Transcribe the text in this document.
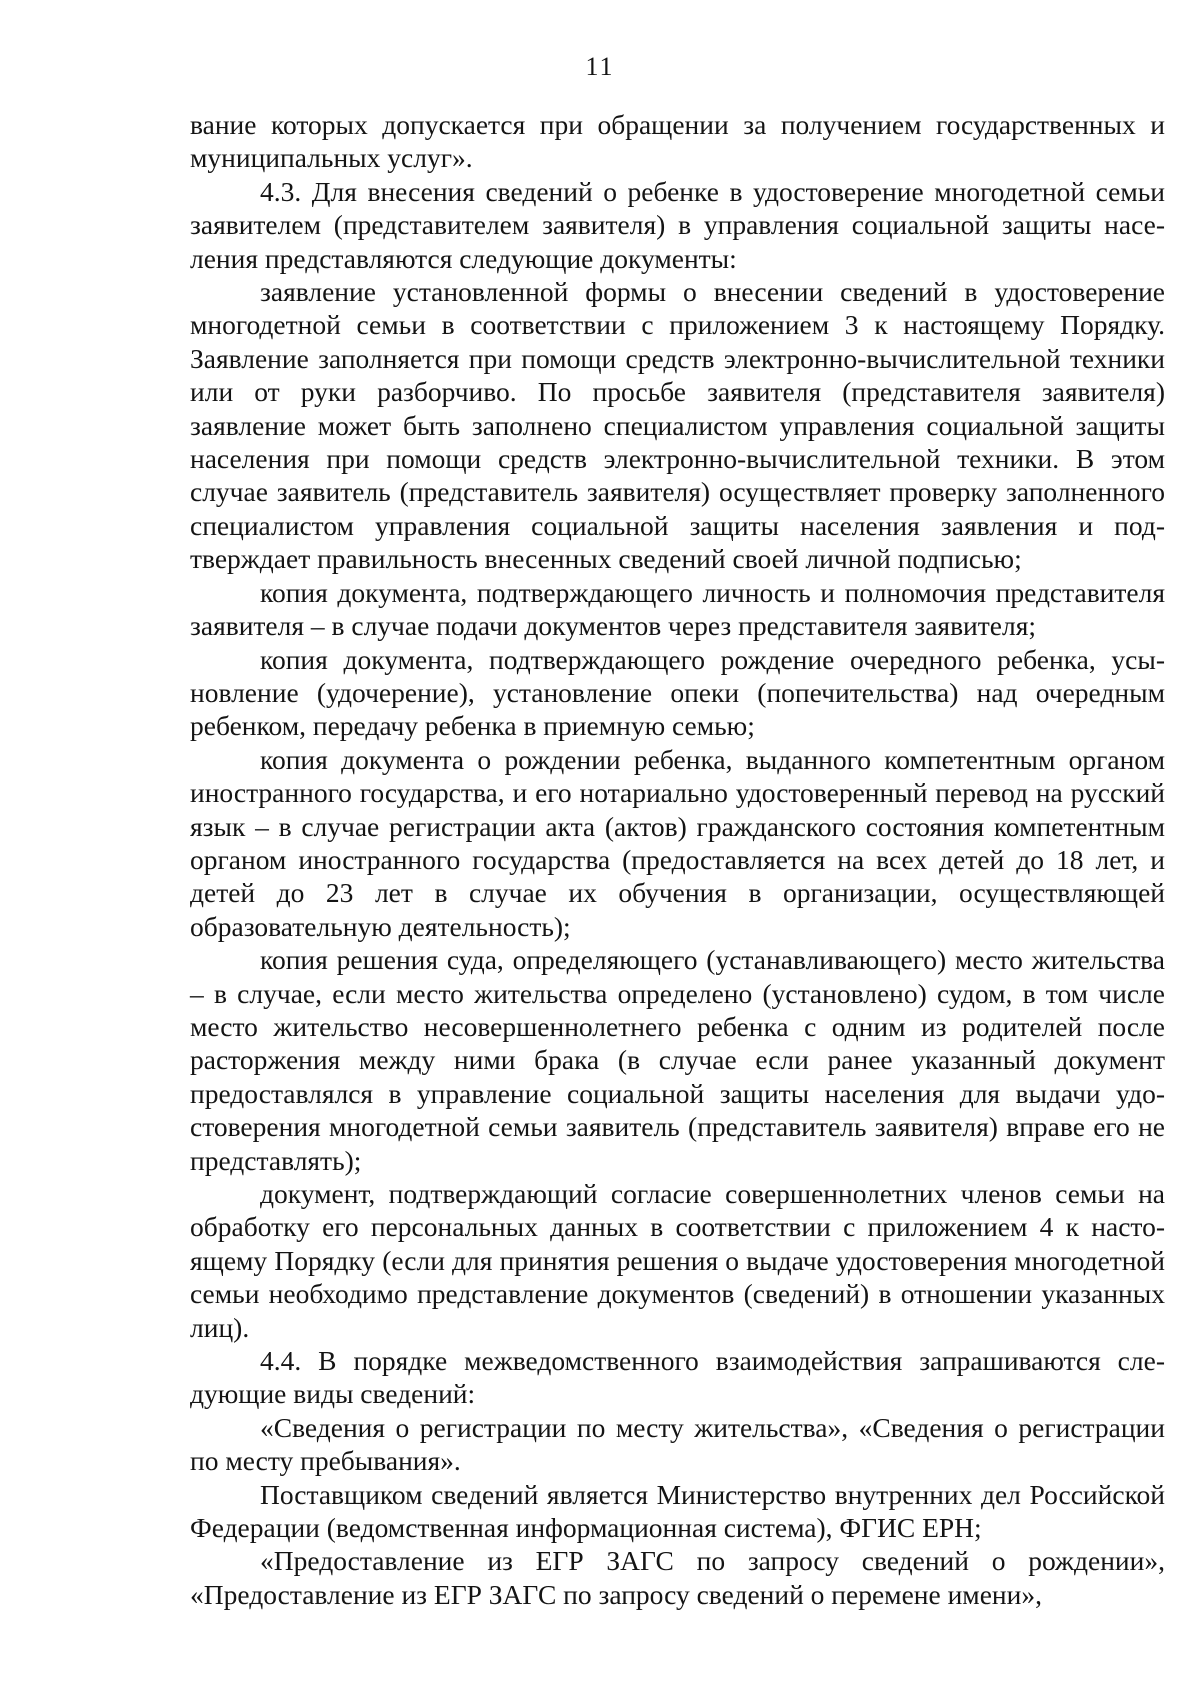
11

вание которых допускается при обращении за получением государственных и муниципальных услуг».

4.3. Для внесения сведений о ребенке в удостоверение многодетной семьи заявителем (представителем заявителя) в управления социальной защиты населения представляются следующие документы:

заявление установленной формы о внесении сведений в удостоверение многодетной семьи в соответствии с приложением 3 к настоящему Порядку. Заявление заполняется при помощи средств электронно-вычислительной техники или от руки разборчиво. По просьбе заявителя (представителя заявителя) заявление может быть заполнено специалистом управления социальной защиты населения при помощи средств электронно-вычислительной техники. В этом случае заявитель (представитель заявителя) осуществляет проверку заполненного специалистом управления социальной защиты населения заявления и подтверждает правильность внесенных сведений своей личной подписью;

копия документа, подтверждающего личность и полномочия представителя заявителя – в случае подачи документов через представителя заявителя;

копия документа, подтверждающего рождение очередного ребенка, усыновление (удочерение), установление опеки (попечительства) над очередным ребенком, передачу ребенка в приемную семью;

копия документа о рождении ребенка, выданного компетентным органом иностранного государства, и его нотариально удостоверенный перевод на русский язык – в случае регистрации акта (актов) гражданского состояния компетентным органом иностранного государства (предоставляется на всех детей до 18 лет, и детей до 23 лет в случае их обучения в организации, осуществляющей образовательную деятельность);

копия решения суда, определяющего (устанавливающего) место жительства – в случае, если место жительства определено (установлено) судом, в том числе место жительство несовершеннолетнего ребенка с одним из родителей после расторжения между ними брака (в случае если ранее указанный документ предоставлялся в управление социальной защиты населения для выдачи удостоверения многодетной семьи заявитель (представитель заявителя) вправе его не представлять);

документ, подтверждающий согласие совершеннолетних членов семьи на обработку его персональных данных в соответствии с приложением 4 к настоящему Порядку (если для принятия решения о выдаче удостоверения многодетной семьи необходимо представление документов (сведений) в отношении указанных лиц).

4.4. В порядке межведомственного взаимодействия запрашиваются следующие виды сведений:

«Сведения о регистрации по месту жительства», «Сведения о регистрации по месту пребывания».

Поставщиком сведений является Министерство внутренних дел Российской Федерации (ведомственная информационная система), ФГИС ЕРН;

«Предоставление из ЕГР ЗАГС по запросу сведений о рождении», «Предоставление из ЕГР ЗАГС по запросу сведений о перемене имени»,
